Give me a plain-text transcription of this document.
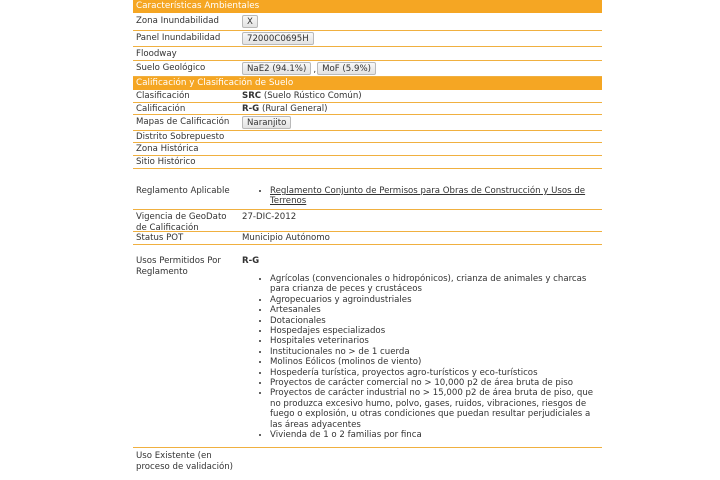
Características Ambientales
Zona Inundabilidad	X
Panel Inundabilidad	72000C0695H
Floodway
Suelo Geológico	NaE2 (94.1%) , MoF (5.9%)
Calificación y Clasificación de Suelo
Clasificación	SRC (Suelo Rústico Común)
Calificación	R-G (Rural General)
Mapas de Calificación	Naranjito
Distrito Sobrepuesto
Zona Histórica
Sitio Histórico
Reglamento Aplicable
•	Reglamento Conjunto de Permisos para Obras de Construcción y Usos de Terrenos
Vigencia de GeoDato de Calificación
27-DIC-2012
Status POT	Municipio Autónomo
Usos Permitidos Por Reglamento
R-G
• Agrícolas (convencionales o hidropónicos), crianza de animales y charcas para crianza de peces y crustáceos
• Agropecuarios y agroindustriales
• Artesanales
• Dotacionales
• Hospedajes especializados
• Hospitales veterinarios
• Institucionales no > de 1 cuerda
• Molinos Eólicos (molinos de viento)
• Hospedería turística, proyectos agro-turísticos y eco-turísticos
• Proyectos de carácter comercial no > 10,000 p2 de área bruta de piso
• Proyectos de carácter industrial no > 15,000 p2 de área bruta de piso, que no produzca excesivo humo, polvo, gases, ruidos, vibraciones, riesgos de fuego o explosión, u otras condiciones que puedan resultar perjudiciales a las áreas adyacentes
• Vivienda de 1 o 2 familias por finca
Uso Existente (en proceso de validación)
